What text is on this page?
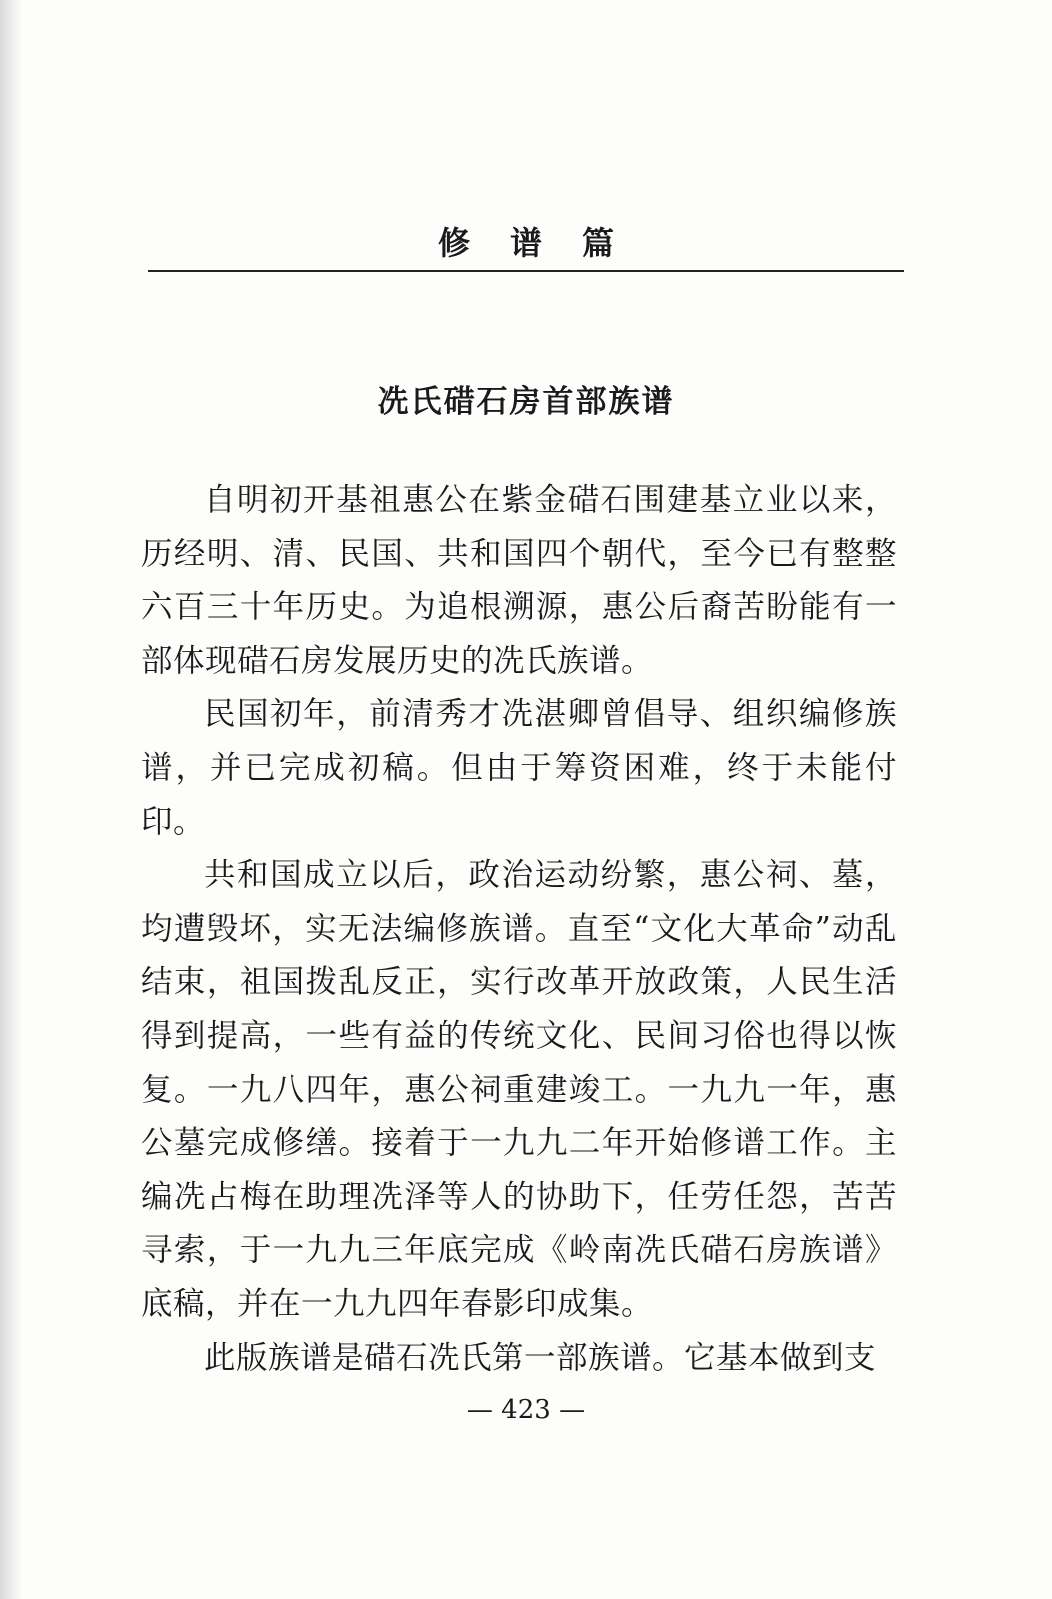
修谱篇
冼氏碏石房首部族谱

自明初开基祖惠公在紫金碏石围建基立业以来，历经明、清、民国、共和国四个朝代，至今已有整整六百三十年历史。为追根溯源，惠公后裔苦盼能有一部体现碏石房发展历史的冼氏族谱。

民国初年，前清秀才冼湛卿曾倡导、组织编修族谱，并已完成初稿。但由于筹资困难，终于未能付印。

共和国成立以后，政治运动纷繁，惠公祠、墓，均遭毁坏，实无法编修族谱。直至“文化大革命”动乱结束，祖国拨乱反正，实行改革开放政策，人民生活得到提高，一些有益的传统文化、民间习俗也得以恢复。一九八四年，惠公祠重建竣工。一九九一年，惠公墓完成修缮。接着于一九九二年开始修谱工作。主编冼占梅在助理冼泽等人的协助下，任劳任怨，苦苦寻索，于一九九三年底完成《岭南冼氏碏石房族谱》底稿，并在一九九四年春影印成集。

此版族谱是碏石冼氏第一部族谱。它基本做到支

— 423 —
